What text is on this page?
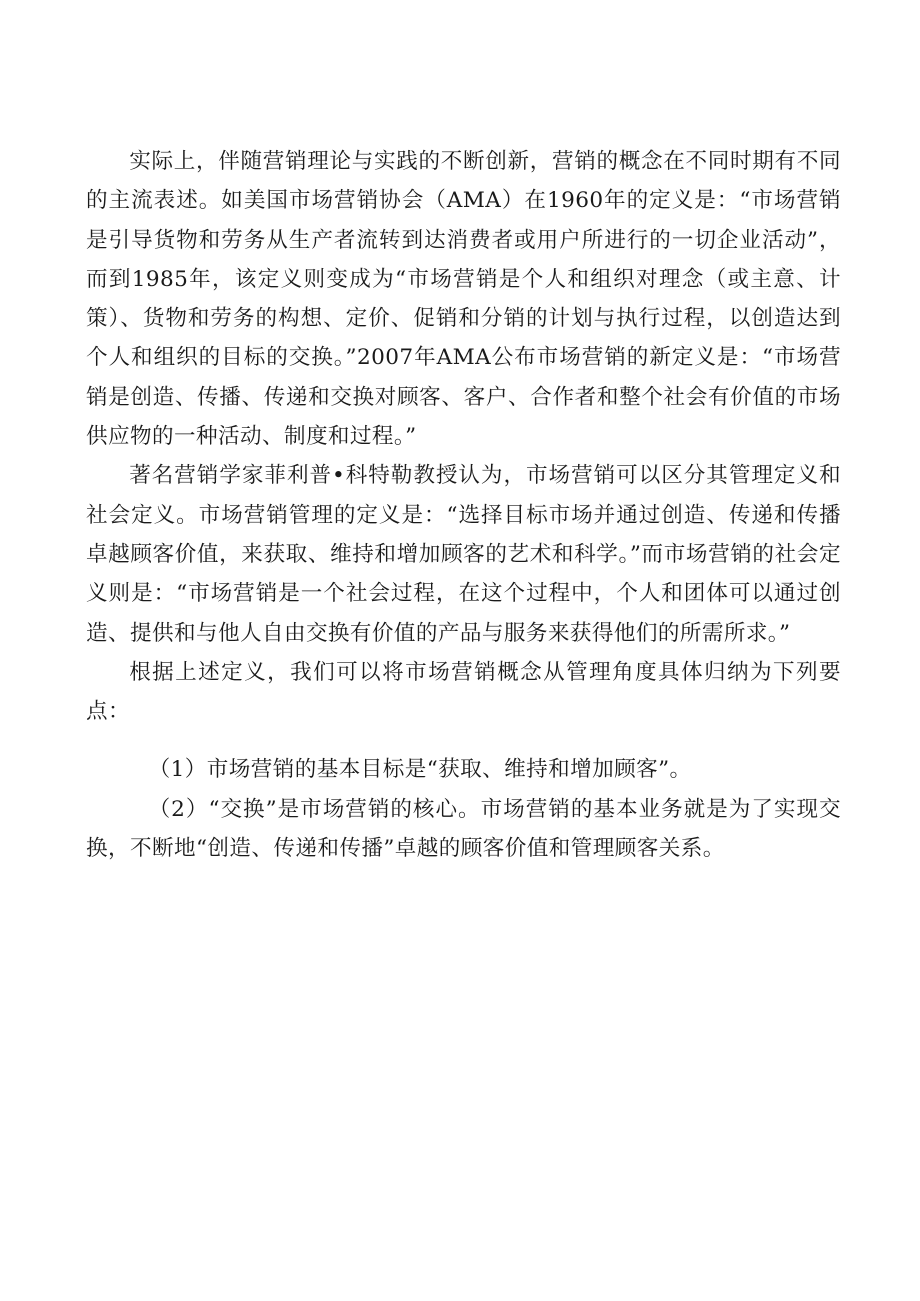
实际上，伴随营销理论与实践的不断创新，营销的概念在不同时期有不同的主流表述。如美国市场营销协会（AMA）在1960年的定义是：“市场营销是引导货物和劳务从生产者流转到达消费者或用户所进行的一切企业活动”，而到1985年，该定义则变成为“市场营销是个人和组织对理念（或主意、计策）、货物和劳务的构想、定价、促销和分销的计划与执行过程，以创造达到个人和组织的目标的交换。”2007年AMA公布市场营销的新定义是：“市场营销是创造、传播、传递和交换对顾客、客户、合作者和整个社会有价值的市场供应物的一种活动、制度和过程。”

著名营销学家菲利普•科特勒教授认为，市场营销可以区分其管理定义和社会定义。市场营销管理的定义是：“选择目标市场并通过创造、传递和传播卓越顾客价值，来获取、维持和增加顾客的艺术和科学。”而市场营销的社会定义则是：“市场营销是一个社会过程，在这个过程中，个人和团体可以通过创造、提供和与他人自由交换有价值的产品与服务来获得他们的所需所求。”

根据上述定义，我们可以将市场营销概念从管理角度具体归纳为下列要点：

（1）市场营销的基本目标是“获取、维持和增加顾客”。

（2）“交换”是市场营销的核心。市场营销的基本业务就是为了实现交换，不断地“创造、传递和传播”卓越的顾客价值和管理顾客关系。
